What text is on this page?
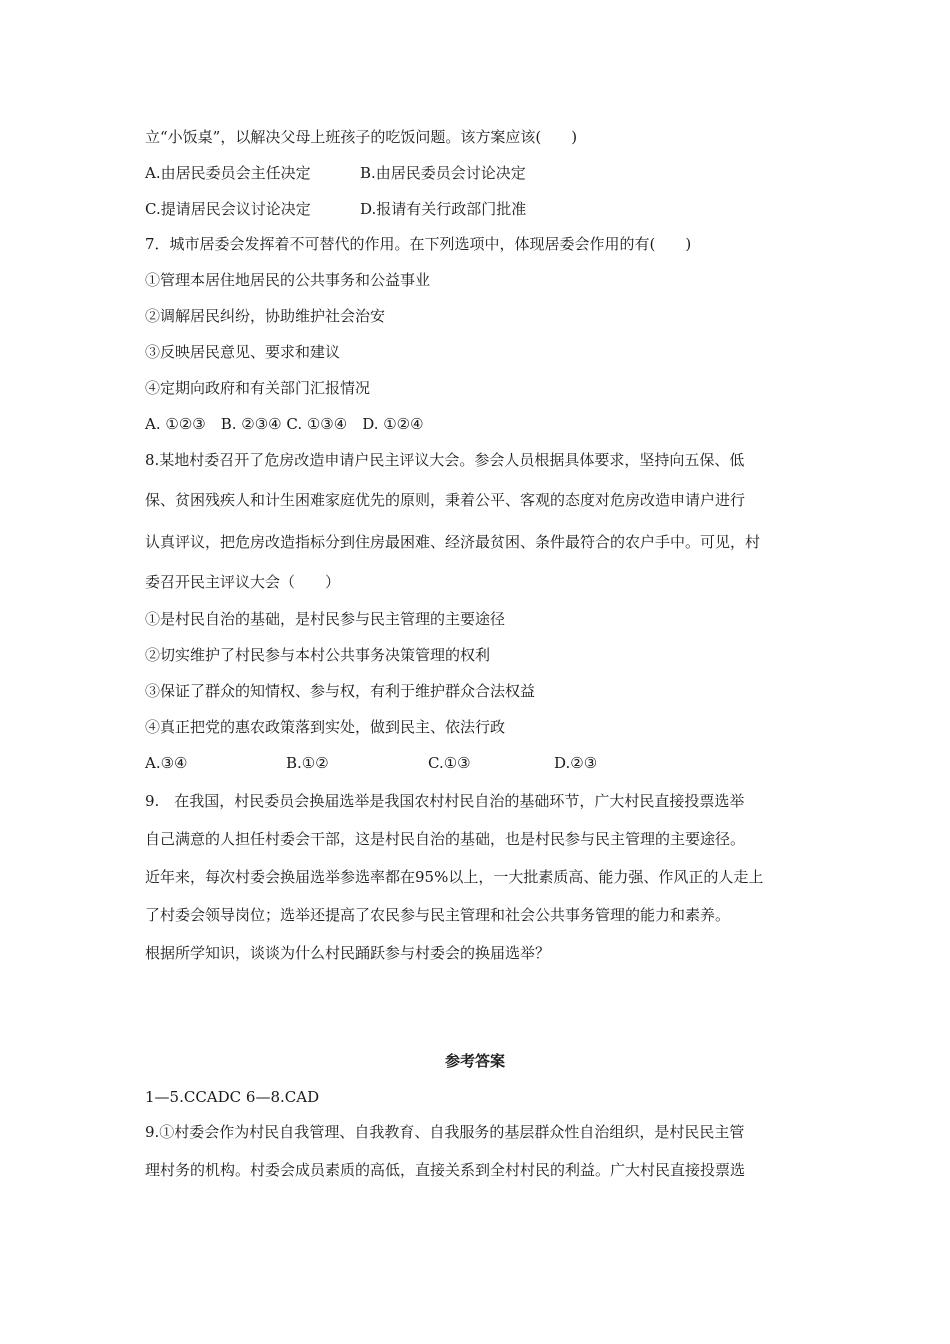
立“小饭桌”，以解决父母上班孩子的吃饭问题。该方案应该(　　)
A.由居民委员会主任决定	B.由居民委员会讨论决定
C.提请居民会议讨论决定	D.报请有关行政部门批准
7．城市居委会发挥着不可替代的作用。在下列选项中，体现居委会作用的有(　　)
①管理本居住地居民的公共事务和公益事业
②调解居民纠纷，协助维护社会治安
③反映居民意见、要求和建议
④定期向政府和有关部门汇报情况
A. ①②③　B. ②③④ C. ①③④　D. ①②④
8.某地村委召开了危房改造申请户民主评议大会。参会人员根据具体要求，坚持向五保、低
保、贫困残疾人和计生困难家庭优先的原则，秉着公平、客观的态度对危房改造申请户进行
认真评议，把危房改造指标分到住房最困难、经济最贫困、条件最符合的农户手中。可见，村
委召开民主评议大会（　　）
①是村民自治的基础，是村民参与民主管理的主要途径
②切实维护了村民参与本村公共事务决策管理的权利
③保证了群众的知情权、参与权，有利于维护群众合法权益
④真正把党的惠农政策落到实处，做到民主、依法行政
A.③④	B.①②	C.①③	D.②③
9.　在我国，村民委员会换届选举是我国农村村民自治的基础环节，广大村民直接投票选举
自己满意的人担任村委会干部，这是村民自治的基础，也是村民参与民主管理的主要途径。
近年来，每次村委会换届选举参选率都在95%以上，一大批素质高、能力强、作风正的人走上
了村委会领导岗位；选举还提高了农民参与民主管理和社会公共事务管理的能力和素养。
根据所学知识，谈谈为什么村民踊跃参与村委会的换届选举？
参考答案
1—5.CCADC 6—8.CAD
9.①村委会作为村民自我管理、自我教育、自我服务的基层群众性自治组织，是村民民主管
理村务的机构。村委会成员素质的高低，直接关系到全村村民的利益。广大村民直接投票选
